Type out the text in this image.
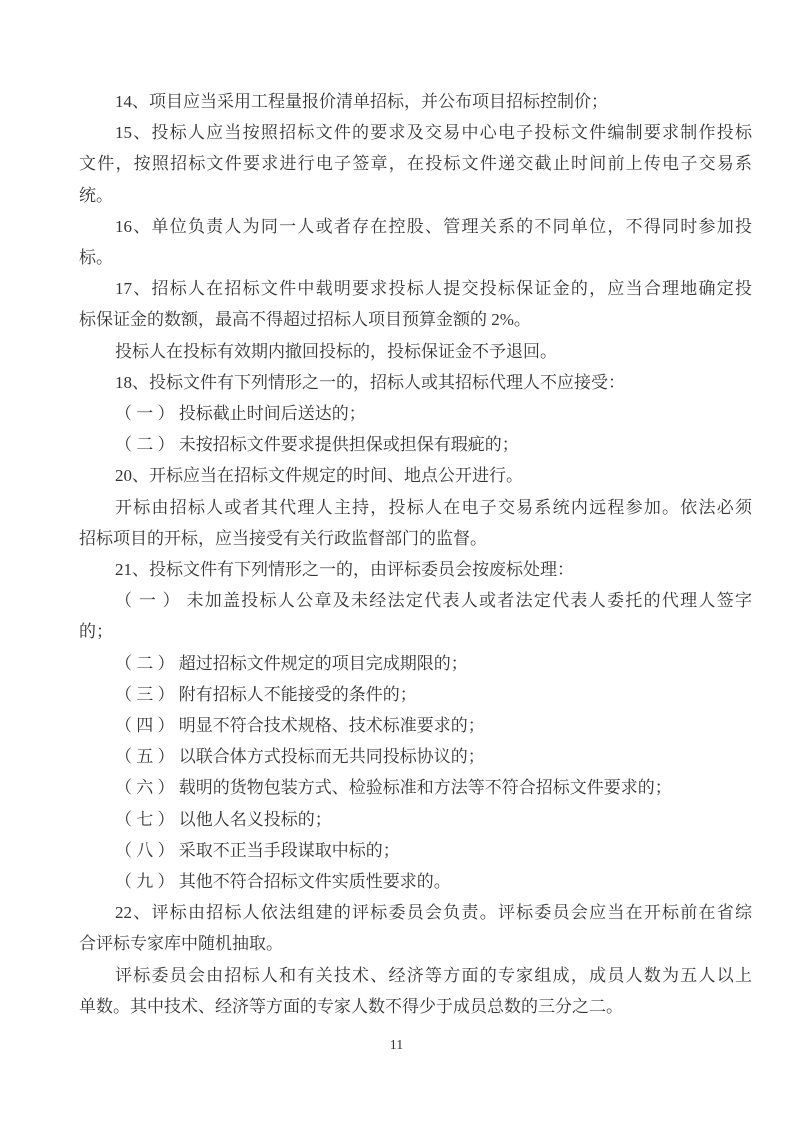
14、项目应当采用工程量报价清单招标，并公布项目招标控制价；
15、投标人应当按照招标文件的要求及交易中心电子投标文件编制要求制作投标
文件，按照招标文件要求进行电子签章，在投标文件递交截止时间前上传电子交易系
统。
16、单位负责人为同一人或者存在控股、管理关系的不同单位，不得同时参加投
标。
17、招标人在招标文件中载明要求投标人提交投标保证金的，应当合理地确定投
标保证金的数额，最高不得超过招标人项目预算金额的 2%。
投标人在投标有效期内撤回投标的，投标保证金不予退回。
18、投标文件有下列情形之一的，招标人或其招标代理人不应接受：
（ 一 ） 投标截止时间后送达的；
（ 二 ） 未按招标文件要求提供担保或担保有瑕疵的；
20、开标应当在招标文件规定的时间、地点公开进行。
开标由招标人或者其代理人主持，投标人在电子交易系统内远程参加。依法必须
招标项目的开标，应当接受有关行政监督部门的监督。
21、投标文件有下列情形之一的，由评标委员会按废标处理：
（ 一 ） 未加盖投标人公章及未经法定代表人或者法定代表人委托的代理人签字
的；
（ 二 ） 超过招标文件规定的项目完成期限的；
（ 三 ） 附有招标人不能接受的条件的；
（ 四 ） 明显不符合技术规格、技术标准要求的；
（ 五 ） 以联合体方式投标而无共同投标协议的；
（ 六 ） 载明的货物包装方式、检验标准和方法等不符合招标文件要求的；
（ 七 ） 以他人名义投标的；
（ 八 ） 采取不正当手段谋取中标的；
（ 九 ） 其他不符合招标文件实质性要求的。
22、评标由招标人依法组建的评标委员会负责。评标委员会应当在开标前在省综
合评标专家库中随机抽取。
评标委员会由招标人和有关技术、经济等方面的专家组成，成员人数为五人以上
单数。其中技术、经济等方面的专家人数不得少于成员总数的三分之二。
11
